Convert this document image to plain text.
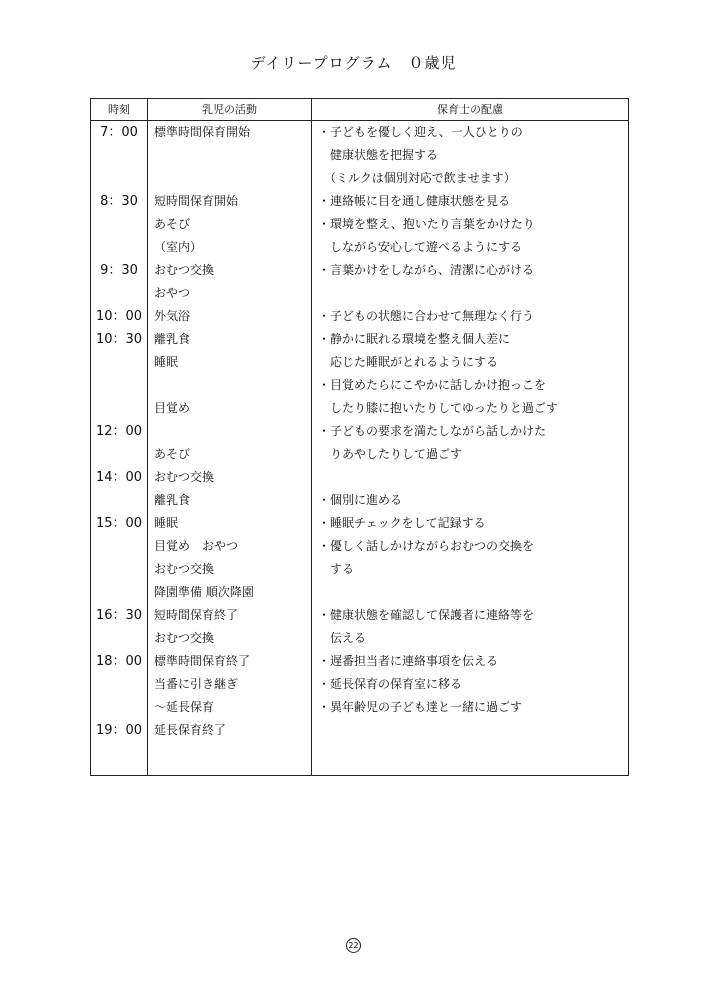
デイリープログラム　０歳児
時刻	乳児の活動	保育士の配慮
7：00	標準時間保育開始	・子どもを優しく迎え、一人ひとりの
		　健康状態を把握する
		　（ミルクは個別対応で飲ませます）
8：30	短時間保育開始	・連絡帳に目を通し健康状態を見る
	あそび	・環境を整え、抱いたり言葉をかけたり
	（室内）	　しながら安心して遊べるようにする
9：30	おむつ交換	・言葉かけをしながら、清潔に心がける
	おやつ	
10：00	外気浴	・子どもの状態に合わせて無理なく行う
10：30	離乳食	・静かに眠れる環境を整え個人差に
	睡眠	　応じた睡眠がとれるようにする
		・目覚めたらにこやかに話しかけ抱っこを
	目覚め	　したり膝に抱いたりしてゆったりと過ごす
12：00		・子どもの要求を満たしながら話しかけた
	あそび	　りあやしたりして過ごす
14：00	おむつ交換	
	離乳食	・個別に進める
15：00	睡眠	・睡眠チェックをして記録する
	目覚め　おやつ	・優しく話しかけながらおむつの交換を
	おむつ交換	　する
	降園準備 順次降園	
16：30	短時間保育終了	・健康状態を確認して保護者に連絡等を
	おむつ交換	　伝える
18：00	標準時間保育終了	・遅番担当者に連絡事項を伝える
	当番に引き継ぎ	・延長保育の保育室に移る
	～延長保育	・異年齢児の子ども達と一緒に過ごす
19：00	延長保育終了	

22
